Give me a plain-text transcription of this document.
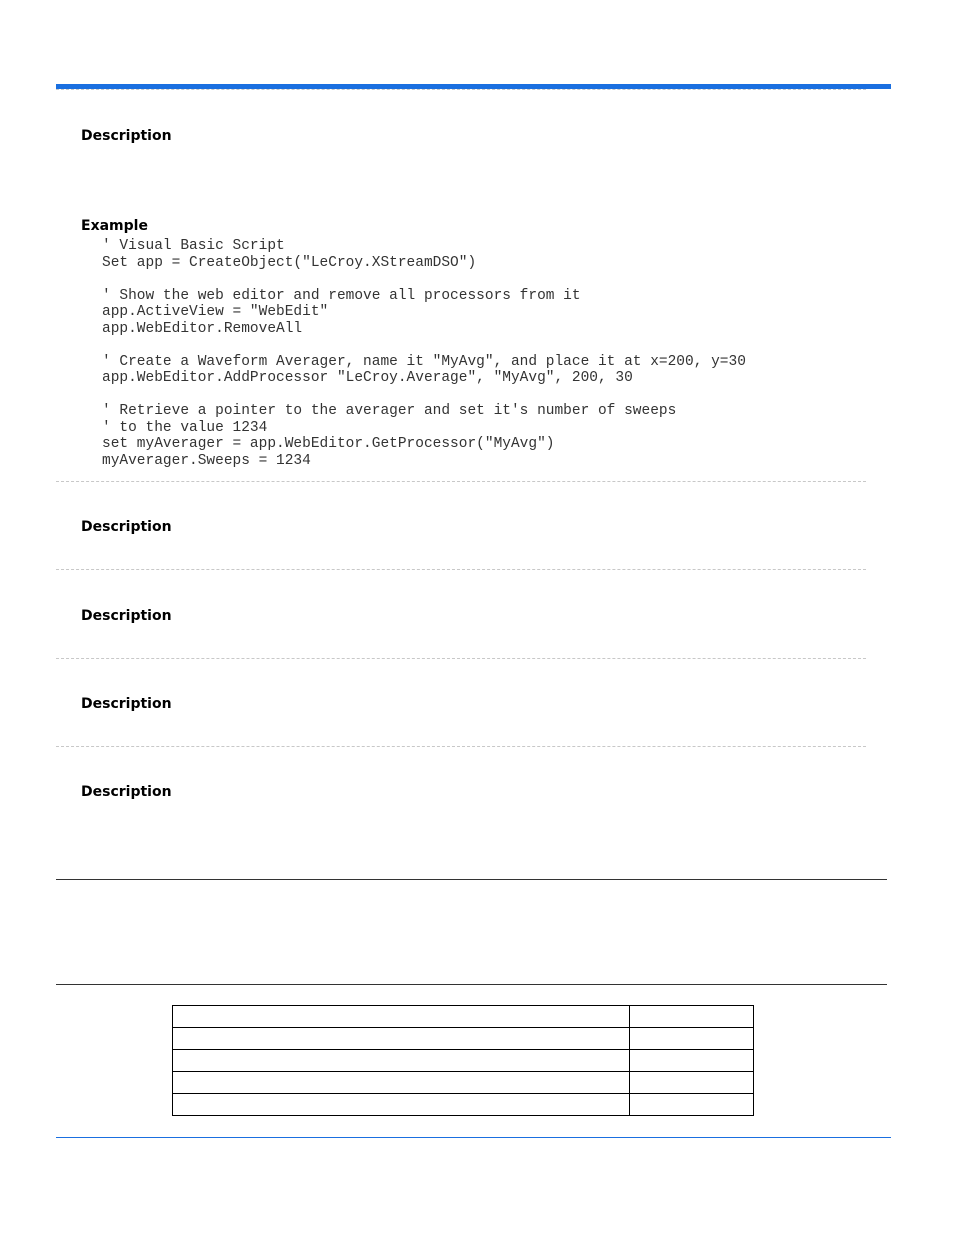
Description
Example
' Visual Basic Script
Set app = CreateObject("LeCroy.XStreamDSO")

' Show the web editor and remove all processors from it
app.ActiveView = "WebEdit"
app.WebEditor.RemoveAll

' Create a Waveform Averager, name it "MyAvg", and place it at x=200, y=30
app.WebEditor.AddProcessor "LeCroy.Average", "MyAvg", 200, 30

' Retrieve a pointer to the averager and set it's number of sweeps
' to the value 1234
set myAverager = app.WebEditor.GetProcessor("MyAvg")
myAverager.Sweeps = 1234
Description
Description
Description
Description
